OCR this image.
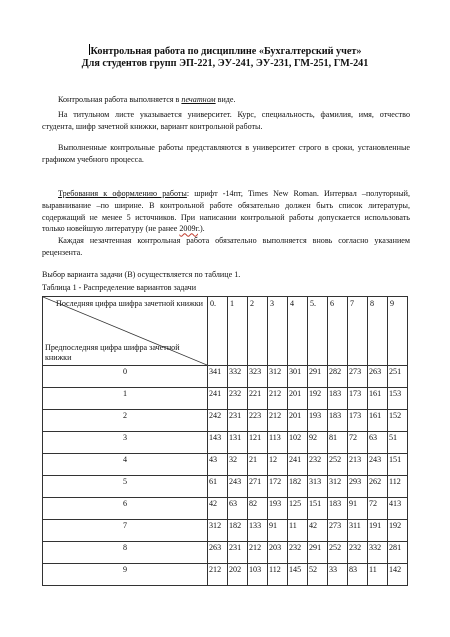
Контрольная работа по дисциплине «Бухгалтерский учет»
Для студентов групп ЭП-221, ЭУ-241, ЭУ-231, ГМ-251, ГМ-241
Контрольная работа выполняется в печатном виде.
На титульном листе указывается университет. Курс, специальность, фамилия, имя, отчество студента, шифр зачетной книжки, вариант контрольной работы.
Выполненные контрольные работы представляются в университет строго в сроки, установленные графиком учебного процесса.
Требования к оформлению работы: шрифт -14пт, Times New Roman. Интервал –полуторный, выравнивание –по ширине. В контрольной работе обязательно должен быть список литературы, содержащий не менее 5 источников. При написании контрольной работы допускается использовать только новейшую литературу (не ранее 2009г.).
Каждая незачтенная контрольная работа обязательно выполняется вновь согласно указанием рецензента.
Выбор варианта задачи (В) осуществляется по таблице 1.
Таблица 1 - Распределение вариантов задачи
Последняя цифра шифра зачетной книжки
Предпоследняя цифра шифра зачетной книжки	0.	1	2	3	4	5.	6	7	8	9
0	341	332	323	312	301	291	282	273	263	251
1	241	232	221	212	201	192	183	173	161	153
2	242	231	223	212	201	193	183	173	161	152
3	143	131	121	113	102	92	81	72	63	51
4	43	32	21	12	241	232	252	213	243	151
5	61	243	271	172	182	313	312	293	262	112
6	42	63	82	193	125	151	183	91	72	413
7	312	182	133	91	11	42	273	311	191	192
8	263	231	212	203	232	291	252	232	332	281
9	212	202	103	112	145	52	33	83	11	142
